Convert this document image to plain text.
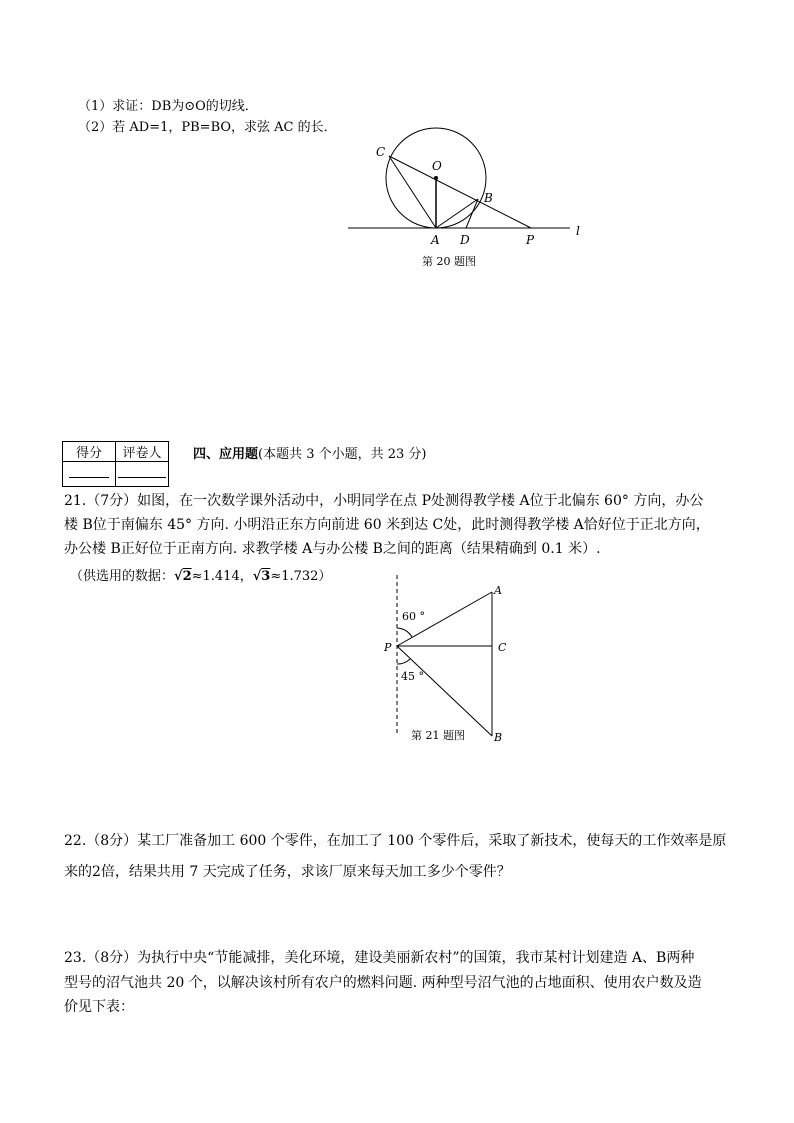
（1）求证：DB为⊙O的切线．
（2）若 AD=1，PB=BO，求弦 AC 的长．
C
O
B
A D	P
l
第 20 题图
A
P	C
B
60 °
45 °
第 21 题图
得分	评卷人
	四、应用题(本题共 3 个小题，共 23 分)
21.（7分）如图，在一次数学课外活动中，小明同学在点 P处测得教学楼 A位于北偏东 60° 方向，办公
楼 B位于南偏东 45° 方向. 小明沿正东方向前进 60 米到达 C处，此时测得教学楼 A恰好位于正北方向，
办公楼 B正好位于正南方向. 求教学楼 A与办公楼 B之间的距离（结果精确到 0.1 米）.
（供选用的数据：√2≈1.414，√3≈1.732）
22.（8分）某工厂准备加工 600 个零件，在加工了 100 个零件后，采取了新技术，使每天的工作效率是原
来的2倍，结果共用 7 天完成了任务，求该厂原来每天加工多少个零件？
23.（8分）为执行中央“节能减排，美化环境，建设美丽新农村”的国策，我市某村计划建造 A、B两种
型号的沼气池共 20 个，以解决该村所有农户的燃料问题. 两种型号沼气池的占地面积、使用农户数及造
价见下表：
